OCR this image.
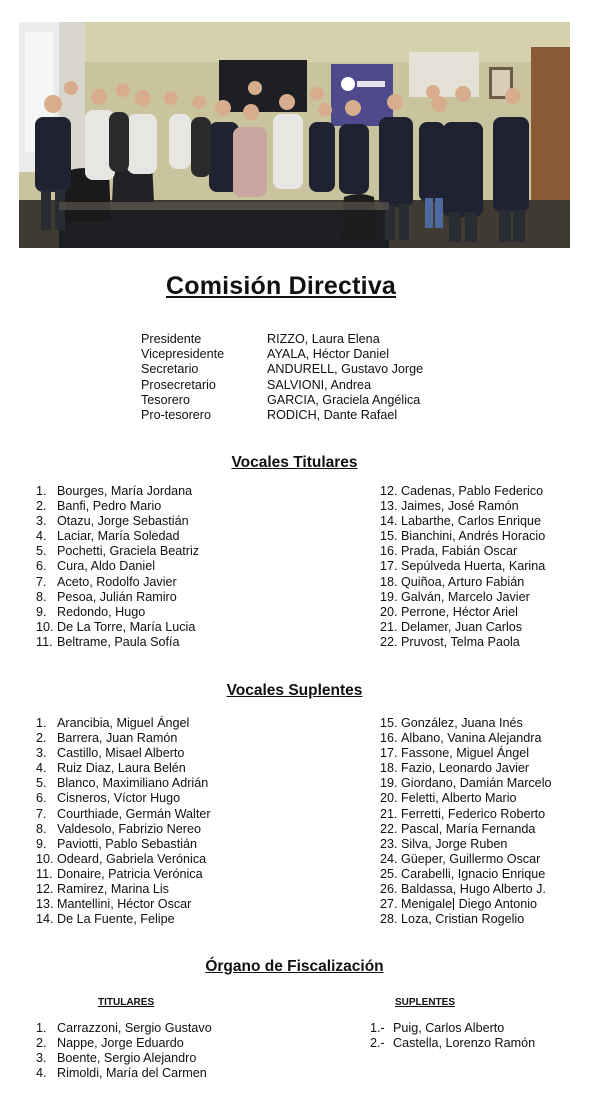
Comisión Directiva
Presidente	RIZZO, Laura Elena
Vicepresidente	AYALA, Héctor Daniel
Secretario	ANDURELL, Gustavo Jorge
Prosecretario	SALVIONI, Andrea
Tesorero	GARCIA, Graciela Angélica
Pro-tesorero	RODICH, Dante Rafael
Vocales Titulares
1. Bourges, María Jordana
2. Banfi, Pedro Mario
3. Otazu, Jorge Sebastián
4. Laciar, María Soledad
5. Pochetti, Graciela Beatriz
6. Cura, Aldo Daniel
7. Aceto, Rodolfo Javier
8. Pesoa, Julián Ramiro
9. Redondo, Hugo
10. De La Torre, María Lucia
11. Beltrame, Paula Sofía
12. Cadenas, Pablo Federico
13. Jaimes, José Ramón
14. Labarthe, Carlos Enrique
15. Bianchini, Andrés Horacio
16. Prada, Fabián Oscar
17. Sepúlveda Huerta, Karina
18. Quiñoa, Arturo Fabián
19. Galván, Marcelo Javier
20. Perrone, Héctor Ariel
21. Delamer, Juan Carlos
22. Pruvost, Telma Paola
Vocales Suplentes
1. Arancibia, Miguel Ángel
2. Barrera, Juan Ramón
3. Castillo, Misael Alberto
4. Ruiz Diaz, Laura Belén
5. Blanco, Maximiliano Adrián
6. Cisneros, Víctor Hugo
7. Courthiade, Germán Walter
8. Valdesolo, Fabrizio Nereo
9. Paviotti, Pablo Sebastián
10. Odeard, Gabriela Verónica
11. Donaire, Patricia Verónica
12. Ramirez, Marina Lis
13. Mantellini, Héctor Oscar
14. De La Fuente, Felipe
15. González, Juana Inés
16. Albano, Vanina Alejandra
17. Fassone, Miguel Ángel
18. Fazio, Leonardo Javier
19. Giordano, Damián Marcelo
20. Feletti, Alberto Mario
21. Ferretti, Federico Roberto
22. Pascal, María Fernanda
23. Silva, Jorge Ruben
24. Güeper, Guillermo Oscar
25. Carabelli, Ignacio Enrique
26. Baldassa, Hugo Alberto J.
27. Menigale Diego Antonio
28. Loza, Cristian Rogelio
Órgano de Fiscalización
TITULARES	SUPLENTES
1. Carrazzoni, Sergio Gustavo
2. Nappe, Jorge Eduardo
3. Boente, Sergio Alejandro
4. Rimoldi, María del Carmen
1.- Puig, Carlos Alberto
2.- Castella, Lorenzo Ramón
